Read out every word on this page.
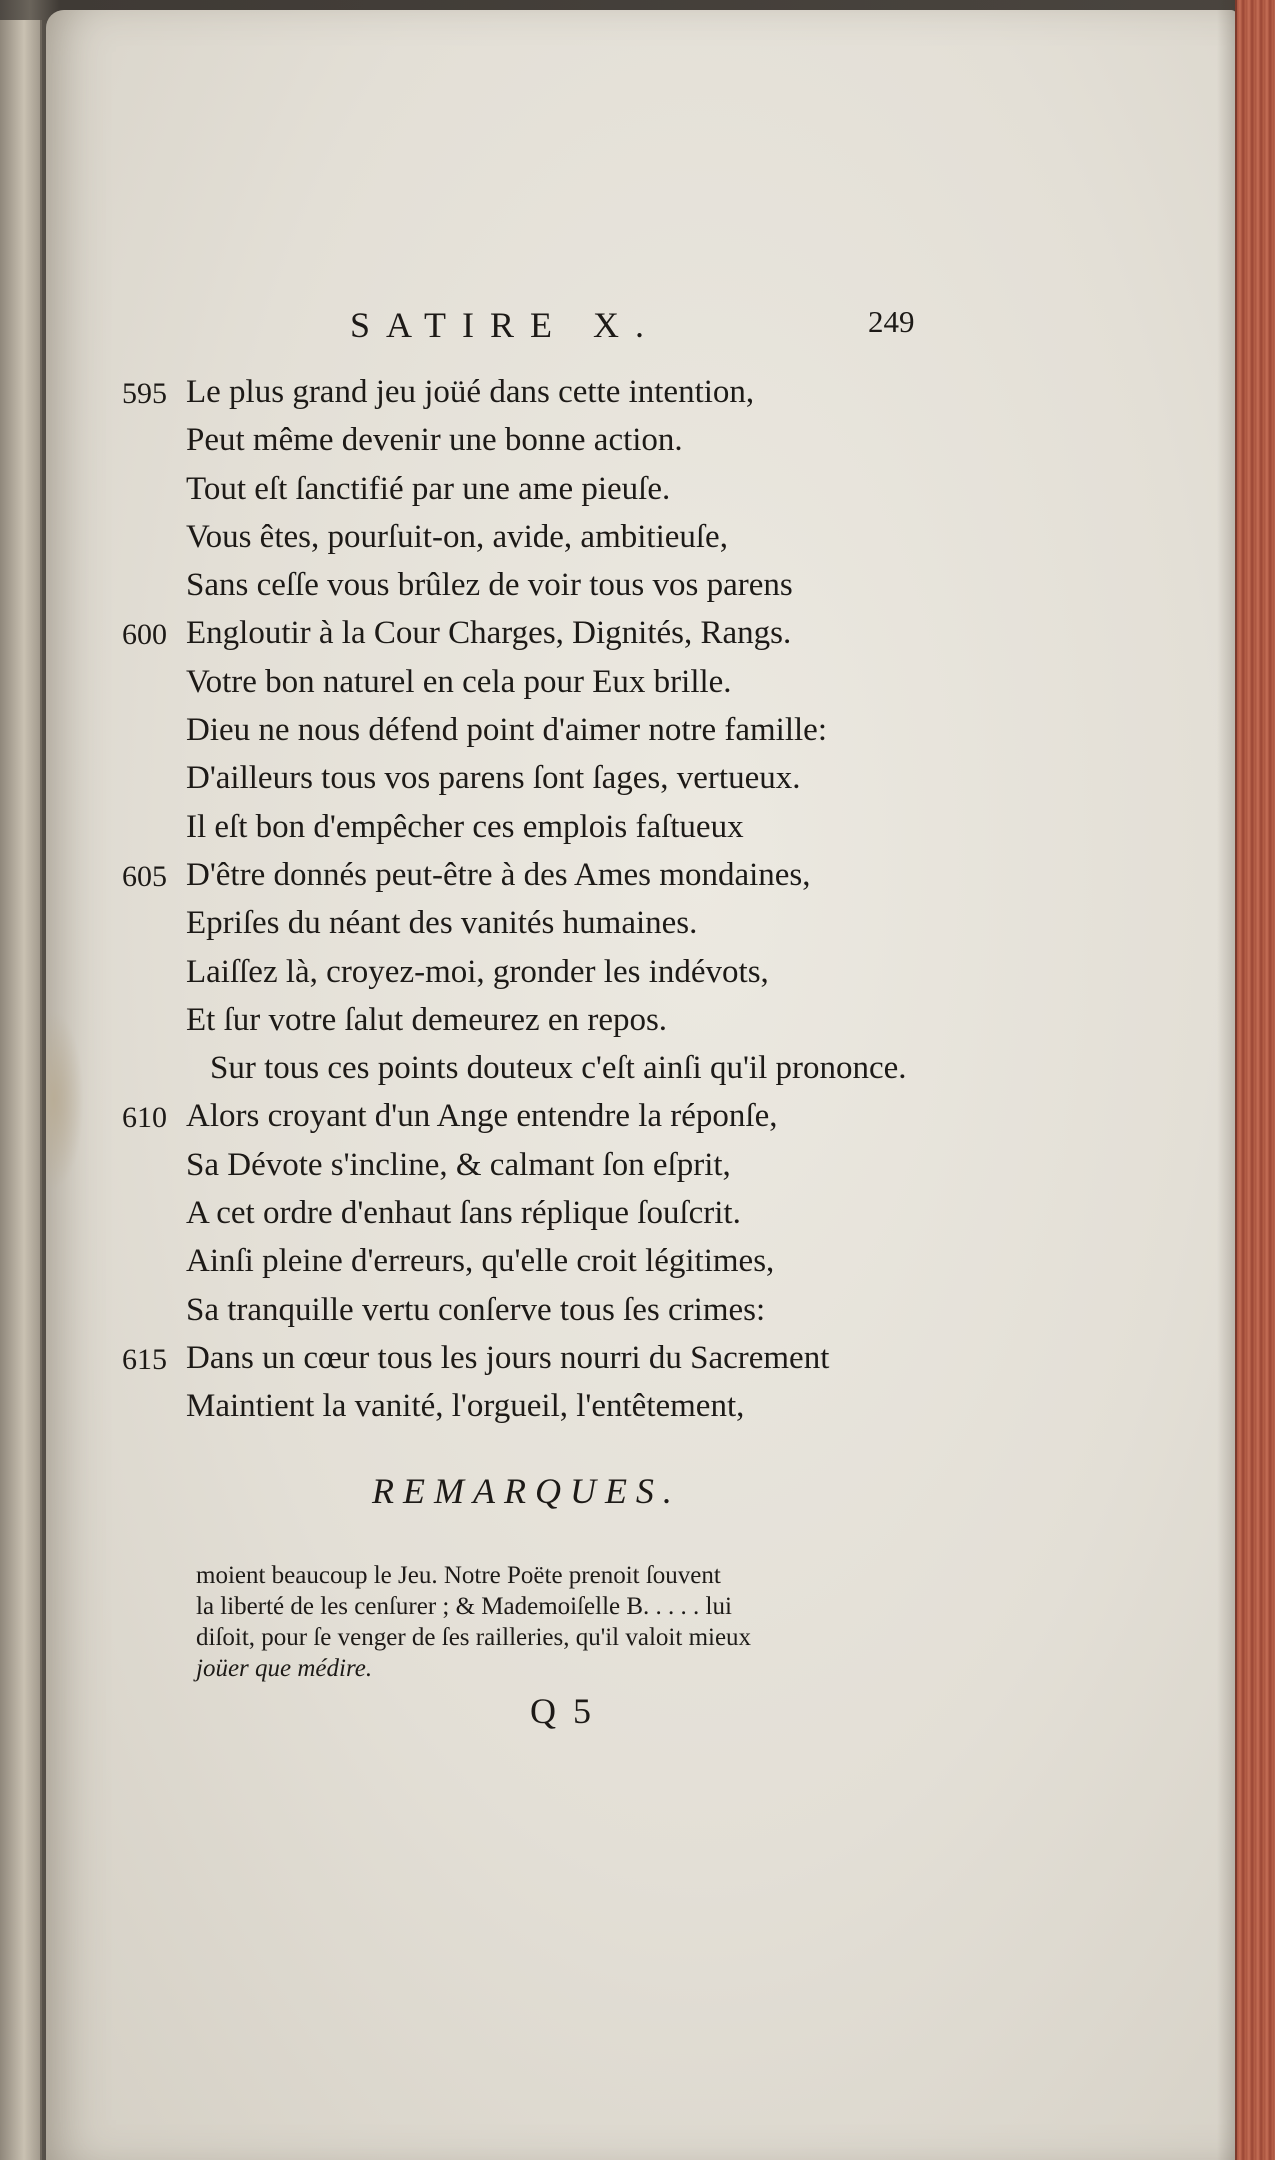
SATIRE X.	249
595 Le plus grand jeu joüé dans cette intention,
Peut même devenir une bonne action.
Tout eſt ſanctifié par une ame pieuſe.
Vous êtes, pourſuit-on, avide, ambitieuſe,
Sans ceſſe vous brûlez de voir tous vos parens
600 Engloutir à la Cour Charges, Dignités, Rangs.
Votre bon naturel en cela pour Eux brille.
Dieu ne nous défend point d'aimer notre famille:
D'ailleurs tous vos parens ſont ſages, vertueux.
Il eſt bon d'empêcher ces emplois faſtueux
605 D'être donnés peut-être à des Ames mondaines,
Epriſes du néant des vanités humaines.
Laiſſez là, croyez-moi, gronder les indévots,
Et ſur votre ſalut demeurez en repos.
Sur tous ces points douteux c'eſt ainſi qu'il prononce.
610 Alors croyant d'un Ange entendre la réponſe,
Sa Dévote s'incline, & calmant ſon eſprit,
A cet ordre d'enhaut ſans réplique ſouſcrit.
Ainſi pleine d'erreurs, qu'elle croit légitimes,
Sa tranquille vertu conſerve tous ſes crimes:
615 Dans un cœur tous les jours nourri du Sacrement
Maintient la vanité, l'orgueil, l'entêtement,
REMARQUES.
moient beaucoup le Jeu. Notre Poëte prenoit ſouvent
la liberté de les cenſurer ; & Mademoiſelle B. . . . . lui
diſoit, pour ſe venger de ſes railleries, qu'il valoit mieux
joüer que médire.
Q 5
